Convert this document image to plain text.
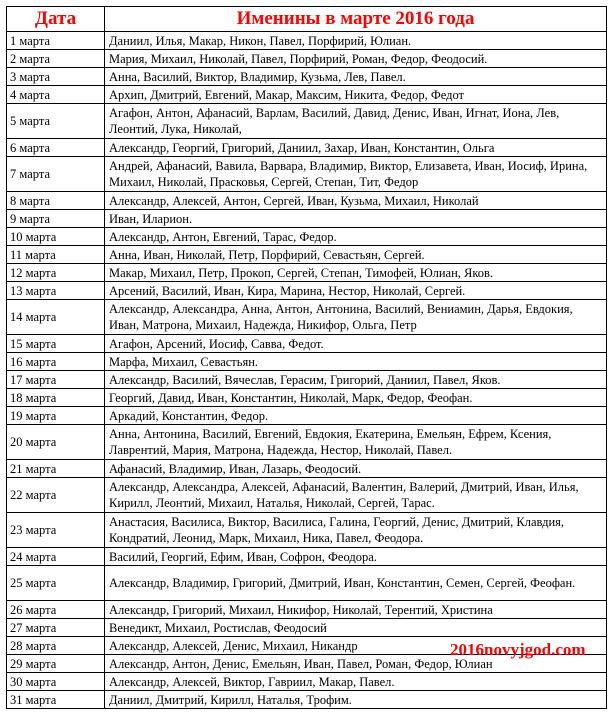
Дата	Именины в марте 2016 года
1 марта	Даниил, Илья, Макар, Никон, Павел, Порфирий, Юлиан.
2 марта	Мария, Михаил, Николай, Павел, Порфирий, Роман, Федор, Феодосий.
3 марта	Анна, Василий, Виктор, Владимир, Кузьма, Лев, Павел.
4 марта	Архип, Дмитрий, Евгений, Макар, Максим, Никита, Федор, Федот
5 марта	Агафон, Антон, Афанасий, Варлам, Василий, Давид, Денис, Иван, Игнат, Иона, Лев, Леонтий, Лука, Николай,
6 марта	Александр, Георгий, Григорий, Даниил, Захар, Иван, Константин, Ольга
7 марта	Андрей, Афанасий, Вавила, Варвара, Владимир, Виктор, Елизавета, Иван, Иосиф, Ирина, Михаил, Николай, Прасковья, Сергей, Степан, Тит, Федор
8 марта	Александр, Алексей, Антон, Сергей, Иван, Кузьма, Михаил, Николай
9 марта	Иван, Иларион.
10 марта	Александр, Антон, Евгений, Тарас, Федор.
11 марта	Анна, Иван, Николай, Петр, Порфирий, Севастьян, Сергей.
12 марта	Макар, Михаил, Петр, Прокоп, Сергей, Степан, Тимофей, Юлиан, Яков.
13 марта	Арсений, Василий, Иван, Кира, Марина, Нестор, Николай, Сергей.
14 марта	Александр, Александра, Анна, Антон, Антонина, Василий, Вениамин, Дарья, Евдокия, Иван, Матрона, Михаил, Надежда, Никифор, Ольга, Петр
15 марта	Агафон, Арсений, Иосиф, Савва, Федот.
16 марта	Марфа, Михаил, Севастьян.
17 марта	Александр, Василий, Вячеслав, Герасим, Григорий, Даниил, Павел, Яков.
18 марта	Георгий, Давид, Иван, Константин, Николай, Марк, Федор, Феофан.
19 марта	Аркадий, Константин, Федор.
20 марта	Анна, Антонина, Василий, Евгений, Евдокия, Екатерина, Емельян, Ефрем, Ксения, Лаврентий, Мария, Матрона, Надежда, Нестор, Николай, Павел.
21 марта	Афанасий, Владимир, Иван, Лазарь, Феодосий.
22 марта	Александр, Александра, Алексей, Афанасий, Валентин, Валерий, Дмитрий, Иван, Илья, Кирилл, Леонтий, Михаил, Наталья, Николай, Сергей, Тарас.
23 марта	Анастасия, Василиса, Виктор, Василиса, Галина, Георгий, Денис, Дмитрий, Клавдия, Кондратий, Леонид, Марк, Михаил, Ника, Павел, Феодора.
24 марта	Василий, Георгий, Ефим, Иван, Софрон, Феодора.
25 марта	Александр, Владимир, Григорий, Дмитрий, Иван, Константин, Семен, Сергей, Феофан.
26 марта	Александр, Григорий, Михаил, Никифор, Николай, Терентий, Христина
27 марта	Венедикт, Михаил, Ростислав, Феодосий
28 марта	Александр, Алексей, Денис, Михаил, Никандр
29 марта	Александр, Антон, Денис, Емельян, Иван, Павел, Роман, Федор, Юлиан
30 марта	Александр, Алексей, Виктор, Гавриил, Макар, Павел.
31 марта	Даниил, Дмитрий, Кирилл, Наталья, Трофим.
2016novyjgod.com
